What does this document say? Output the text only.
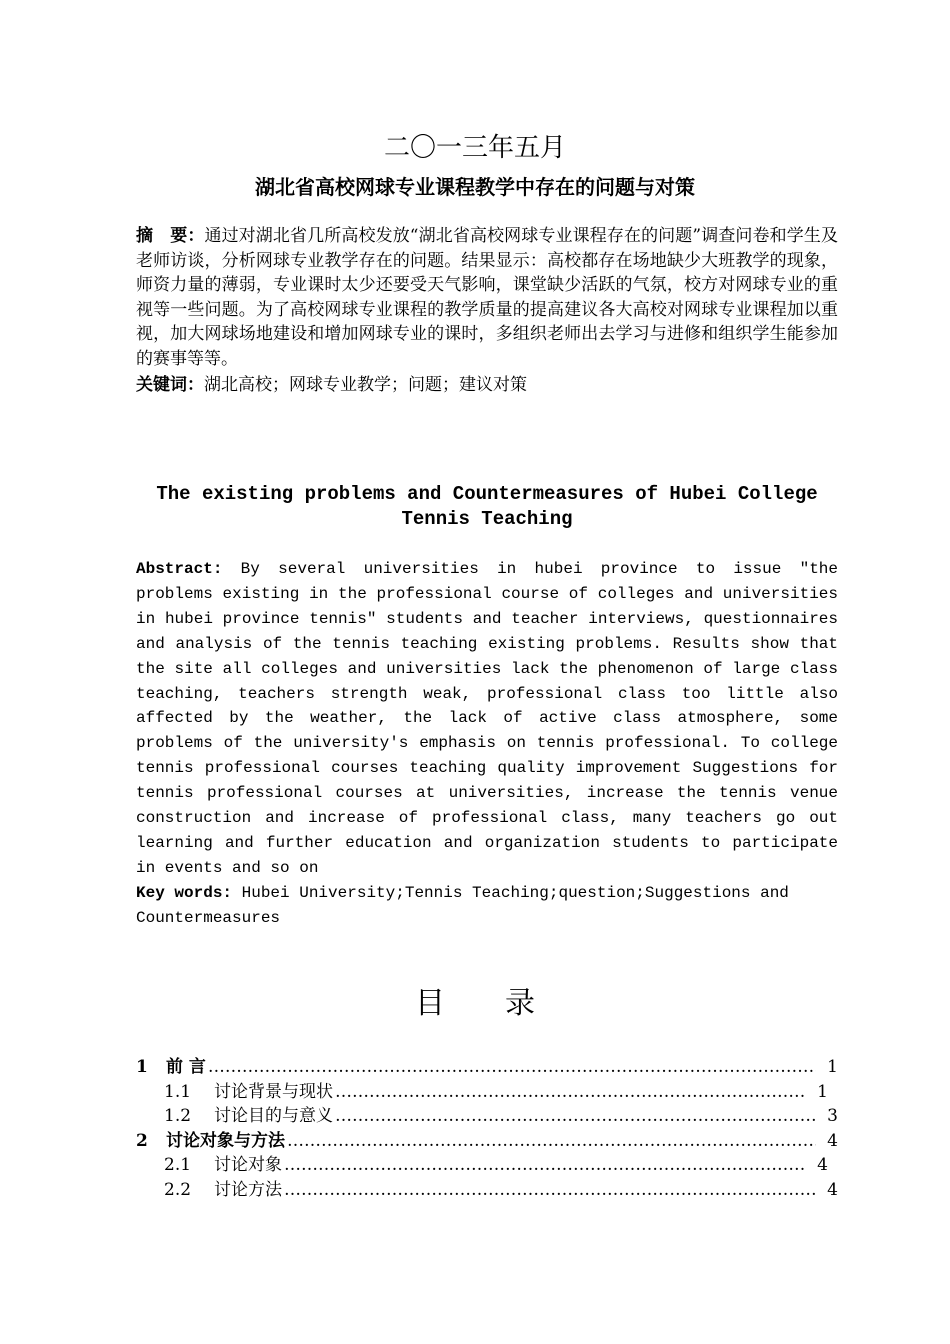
二〇一三年五月
湖北省高校网球专业课程教学中存在的问题与对策

摘　要：通过对湖北省几所高校发放“湖北省高校网球专业课程存在的问题”调查问卷和学生及老师访谈，分析网球专业教学存在的问题。结果显示：高校都存在场地缺少大班教学的现象，师资力量的薄弱，专业课时太少还要受天气影响，课堂缺少活跃的气氛，校方对网球专业的重视等一些问题。为了高校网球专业课程的教学质量的提高建议各大高校对网球专业课程加以重视，加大网球场地建设和增加网球专业的课时，多组织老师出去学习与进修和组织学生能参加的赛事等等。

关键词：湖北高校；网球专业教学；问题；建议对策

The existing problems and Countermeasures of Hubei College
Tennis Teaching

Abstract: By several universities in hubei province to issue "the problems existing in the professional course of colleges and universities in hubei province tennis" students and teacher interviews, questionnaires and analysis of the tennis teaching existing problems. Results show that the site all colleges and universities lack the phenomenon of large class teaching, teachers strength weak, professional class too little also affected by the weather, the lack of active class atmosphere, some problems of the university's emphasis on tennis professional. To college tennis professional courses teaching quality improvement Suggestions for tennis professional courses at universities, increase the tennis venue construction and increase of professional class, many teachers go out learning and further education and organization students to participate in events and so on

Key words: Hubei University;Tennis Teaching;question;Suggestions and Countermeasures

目　　录
1	前 言 …………………………………………………………………………………………………………………………………………………………	1
1.1	讨论背景与现状 …………………………………………………………………………………………………………………………………………………………	1
1.2	讨论目的与意义 …………………………………………………………………………………………………………………………………………………………	3
2	讨论对象与方法 …………………………………………………………………………………………………………………………………………………………	4
2.1	讨论对象 …………………………………………………………………………………………………………………………………………………………	4
2.2	讨论方法 …………………………………………………………………………………………………………………………………………………………	4
